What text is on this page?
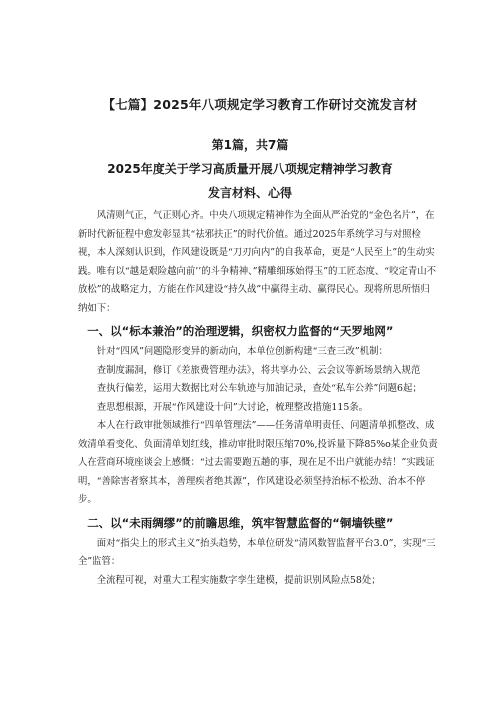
【七篇】2025年八项规定学习教育工作研讨交流发言材
第1篇，共7篇
2025年度关于学习高质量开展八项规定精神学习教育
发言材料、心得

风清则气正，气正则心齐。中央八项规定精神作为全面从严治党的“金色名片”，在新时代新征程中愈发彰显其“祛邪扶正”的时代价值。通过2025年系统学习与对照检视，本人深刻认识到，作风建设既是“刀刃向内”的自我革命，更是“人民至上”的生动实践。唯有以“越是艰险越向前’’的斗争精神、”精雕细琢始得玉”的工匠态度、“咬定青山不放松”的战略定力，方能在作风建设“持久战”中赢得主动、赢得民心。现将所思所悟归纳如下：

一、以“标本兼治”的治理逻辑，织密权力监督的“天罗地网”

针对“四风”问题隐形变异的新动向，本单位创新构建“三查三改”机制：

查制度漏洞，修订《差旅费管理办法》，将共享办公、云会议等新场景纳入规范

查执行偏差，运用大数据比对公车轨迹与加油记录，查处“私车公养”问题6起；

查思想根源，开展“作风建设十问”大讨论，梳理整改措施115条。

本人在行政审批领域推行“四单管理法”——任务清单明责任、问题清单抓整改、成效清单看变化、负面清单划红线，推动审批时限压缩70%,投诉量下降85%o某企业负责人在营商环境座谈会上感慨：“过去需要跑五趟的事，现在足不出户就能办结！”实践证明，“善除害者察其本，善理疾者绝其源”，作风建设必须坚持治标不松劲、治本不停步。

二、以“未雨绸缪”的前瞻思维，筑牢智慧监督的“铜墙铁壁”

面对“指尖上的形式主义”抬头趋势，本单位研发“清风数智监督平台3.0”，实现“三全”监管：

全流程可视，对重大工程实施数字孪生建模，提前识别风险点58处；
